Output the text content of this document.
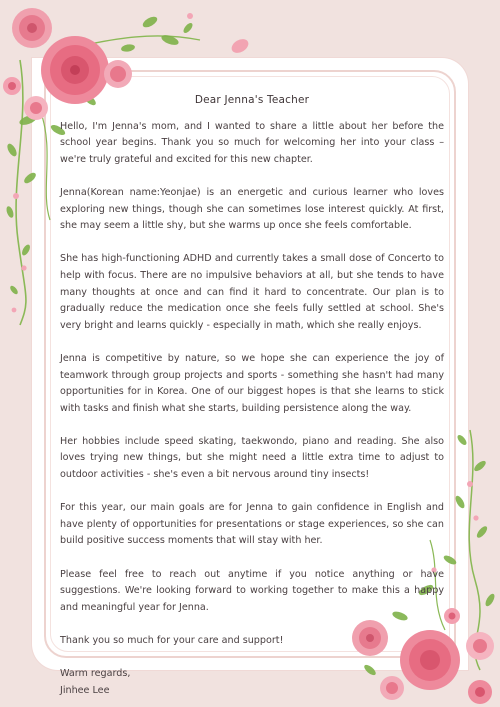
Dear Jenna's Teacher

Hello, I'm Jenna's mom, and I wanted to share a little about her before the school year begins. Thank you so much for welcoming her into your class – we're truly grateful and excited for this new chapter.

Jenna(Korean name:Yeonjae) is an energetic and curious learner who loves exploring new things, though she can sometimes lose interest quickly. At first, she may seem a little shy, but she warms up once she feels comfortable.

She has high-functioning ADHD and currently takes a small dose of Concerto to help with focus. There are no impulsive behaviors at all, but she tends to have many thoughts at once and can find it hard to concentrate. Our plan is to gradually reduce the medication once she feels fully settled at school. She's very bright and learns quickly - especially in math, which she really enjoys.

Jenna is competitive by nature, so we hope she can experience the joy of teamwork through group projects and sports - something she hasn't had many opportunities for in Korea. One of our biggest hopes is that she learns to stick with tasks and finish what she starts, building persistence along the way.

Her hobbies include speed skating, taekwondo, piano and reading. She also loves trying new things, but she might need a little extra time to adjust to outdoor activities - she's even a bit nervous around tiny insects!

For this year, our main goals are for Jenna to gain confidence in English and have plenty of opportunities for presentations or stage experiences, so she can build positive success moments that will stay with her.

Please feel free to reach out anytime if you notice anything or have suggestions. We're looking forward to working together to make this a happy and meaningful year for Jenna.

Thank you so much for your care and support!

Warm regards,

Jinhee Lee
